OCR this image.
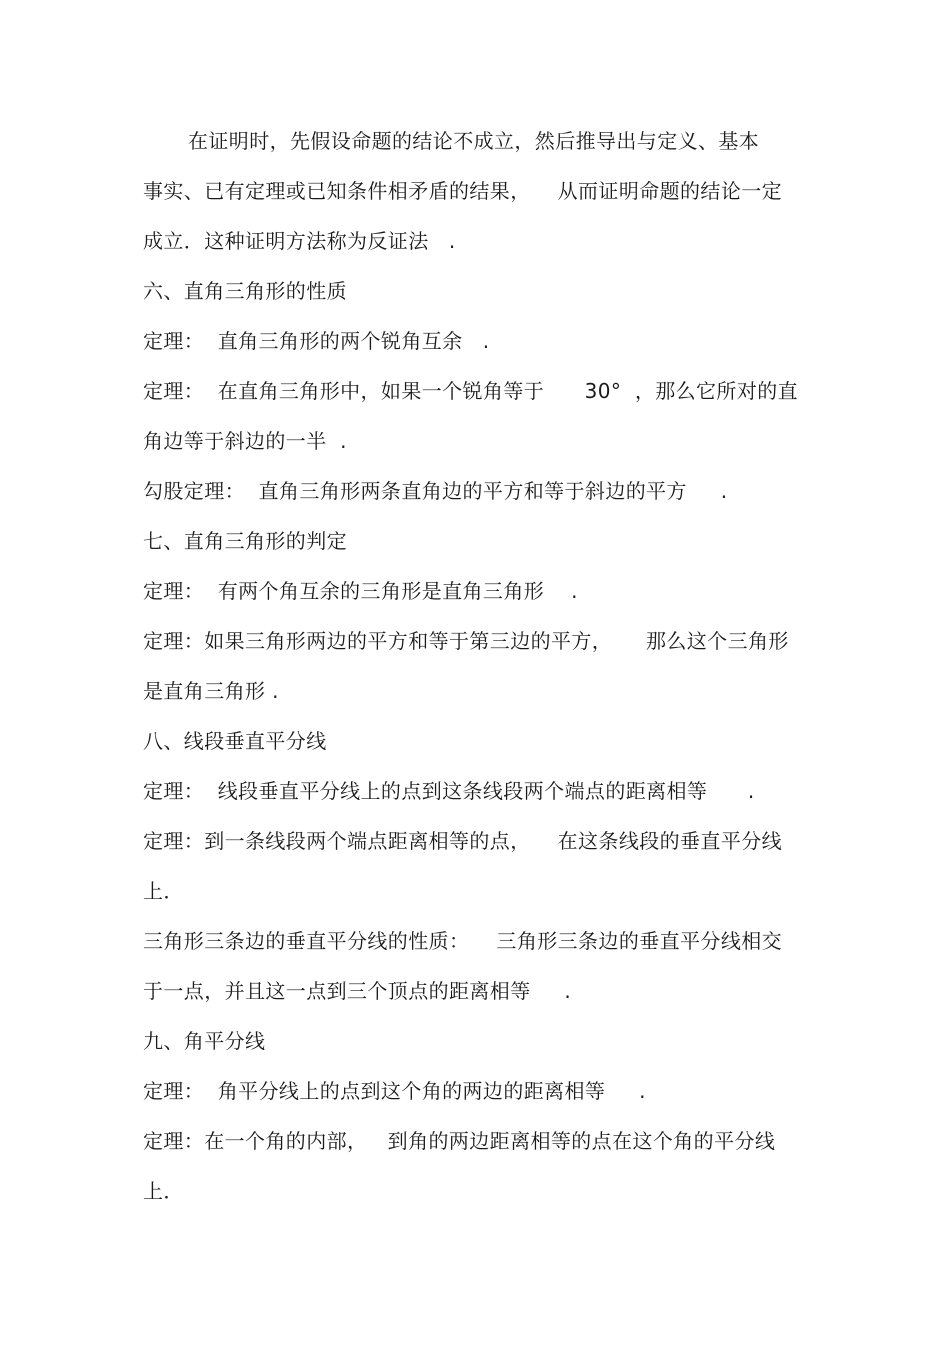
在证明时，先假设命题的结论不成立，然后推导出与定义、基本
事实、已有定理或已知条件相矛盾的结果，    从而证明命题的结论一定
成立．这种证明方法称为反证法   .
六、直角三角形的性质
定理：  直角三角形的两个锐角互余   .
定理：  在直角三角形中，如果一个锐角等于      30°  ，那么它所对的直
角边等于斜边的一半  .
勾股定理：  直角三角形两条直角边的平方和等于斜边的平方     .
七、直角三角形的判定
定理：  有两个角互余的三角形是直角三角形    .
定理：如果三角形两边的平方和等于第三边的平方，     那么这个三角形
是直角三角形 .
八、线段垂直平分线
定理：  线段垂直平分线上的点到这条线段两个端点的距离相等      .
定理：到一条线段两个端点距离相等的点，    在这条线段的垂直平分线
上．
三角形三条边的垂直平分线的性质：    三角形三条边的垂直平分线相交
于一点，并且这一点到三个顶点的距离相等     .
九、角平分线
定理：  角平分线上的点到这个角的两边的距离相等     .
定理：在一个角的内部，   到角的两边距离相等的点在这个角的平分线
上．
